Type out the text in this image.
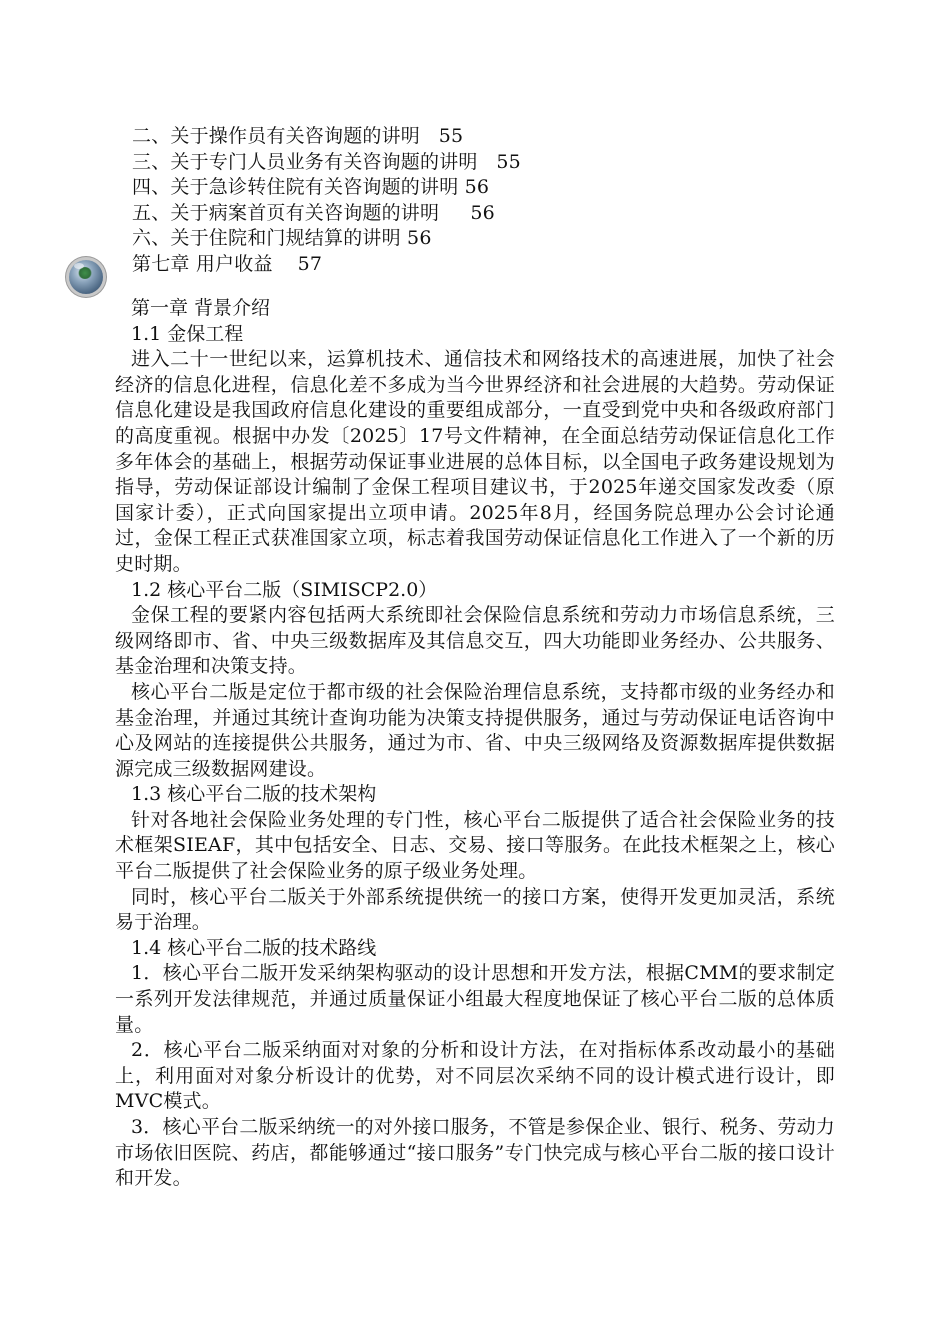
二、关于操作员有关咨询题的讲明   55
三、关于专门人员业务有关咨询题的讲明   55
四、关于急诊转住院有关咨询题的讲明 56
五、关于病案首页有关咨询题的讲明     56
六、关于住院和门规结算的讲明 56
第七章 用户收益    57
第一章 背景介绍
1.1 金保工程

进入二十一世纪以来，运算机技术、通信技术和网络技术的高速进展，加快了社会经济的信息化进程，信息化差不多成为当今世界经济和社会进展的大趋势。劳动保证信息化建设是我国政府信息化建设的重要组成部分，一直受到党中央和各级政府部门的高度重视。根据中办发〔2025〕17号文件精神，在全面总结劳动保证信息化工作多年体会的基础上，根据劳动保证事业进展的总体目标，以全国电子政务建设规划为指导，劳动保证部设计编制了金保工程项目建议书，于2025年递交国家发改委（原国家计委），正式向国家提出立项申请。2025年8月，经国务院总理办公会讨论通过，金保工程正式获准国家立项，标志着我国劳动保证信息化工作进入了一个新的历史时期。

1.2 核心平台二版（SIMISCP2.0）

金保工程的要紧内容包括两大系统即社会保险信息系统和劳动力市场信息系统，三级网络即市、省、中央三级数据库及其信息交互，四大功能即业务经办、公共服务、基金治理和决策支持。

核心平台二版是定位于都市级的社会保险治理信息系统，支持都市级的业务经办和基金治理，并通过其统计查询功能为决策支持提供服务，通过与劳动保证电话咨询中心及网站的连接提供公共服务，通过为市、省、中央三级网络及资源数据库提供数据源完成三级数据网建设。

1.3 核心平台二版的技术架构

针对各地社会保险业务处理的专门性，核心平台二版提供了适合社会保险业务的技术框架SIEAF，其中包括安全、日志、交易、接口等服务。在此技术框架之上，核心平台二版提供了社会保险业务的原子级业务处理。

同时，核心平台二版关于外部系统提供统一的接口方案，使得开发更加灵活，系统易于治理。

1.4 核心平台二版的技术路线

1．核心平台二版开发采纳架构驱动的设计思想和开发方法，根据CMM的要求制定一系列开发法律规范，并通过质量保证小组最大程度地保证了核心平台二版的总体质量。

2．核心平台二版采纳面对对象的分析和设计方法，在对指标体系改动最小的基础上，利用面对对象分析设计的优势，对不同层次采纳不同的设计模式进行设计，即MVC模式。

3．核心平台二版采纳统一的对外接口服务，不管是参保企业、银行、税务、劳动力市场依旧医院、药店，都能够通过“接口服务”专门快完成与核心平台二版的接口设计和开发。
